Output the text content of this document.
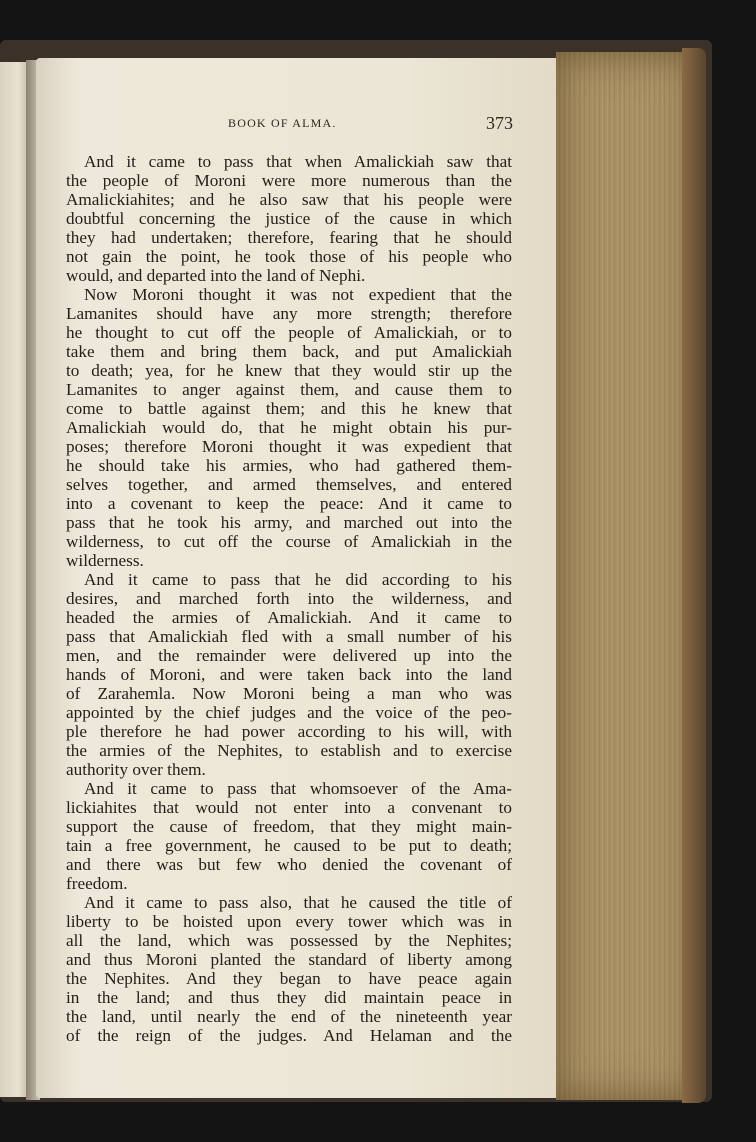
BOOK OF ALMA.	373
And it came to pass that when Amalickiah saw that
the people of Moroni were more numerous than the
Amalickiahites; and he also saw that his people were
doubtful concerning the justice of the cause in which
they had undertaken; therefore, fearing that he should
not gain the point, he took those of his people who
would, and departed into the land of Nephi.
Now Moroni thought it was not expedient that the
Lamanites should have any more strength; therefore
he thought to cut off the people of Amalickiah, or to
take them and bring them back, and put Amalickiah
to death; yea, for he knew that they would stir up the
Lamanites to anger against them, and cause them to
come to battle against them; and this he knew that
Amalickiah would do, that he might obtain his pur-
poses; therefore Moroni thought it was expedient that
he should take his armies, who had gathered them-
selves together, and armed themselves, and entered
into a covenant to keep the peace: And it came to
pass that he took his army, and marched out into the
wilderness, to cut off the course of Amalickiah in the
wilderness.
And it came to pass that he did according to his
desires, and marched forth into the wilderness, and
headed the armies of Amalickiah. And it came to
pass that Amalickiah fled with a small number of his
men, and the remainder were delivered up into the
hands of Moroni, and were taken back into the land
of Zarahemla. Now Moroni being a man who was
appointed by the chief judges and the voice of the peo-
ple therefore he had power according to his will, with
the armies of the Nephites, to establish and to exercise
authority over them.
And it came to pass that whomsoever of the Ama-
lickiahites that would not enter into a convenant to
support the cause of freedom, that they might main-
tain a free government, he caused to be put to death;
and there was but few who denied the covenant of
freedom.
And it came to pass also, that he caused the title of
liberty to be hoisted upon every tower which was in
all the land, which was possessed by the Nephites;
and thus Moroni planted the standard of liberty among
the Nephites. And they began to have peace again
in the land; and thus they did maintain peace in
the land, until nearly the end of the nineteenth year
of the reign of the judges. And Helaman and the
